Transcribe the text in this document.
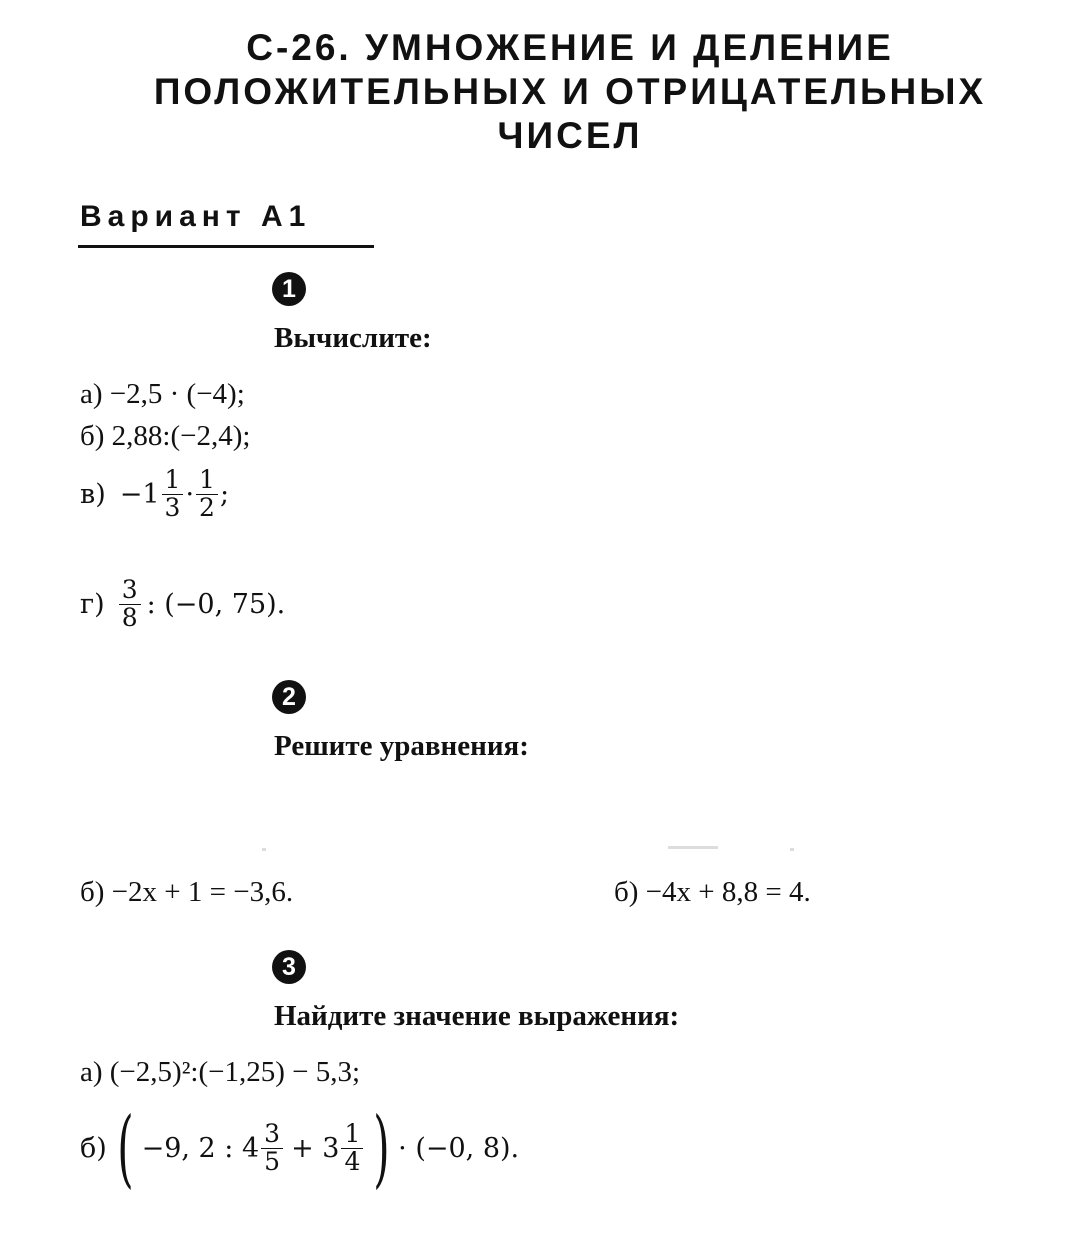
С-26. УМНОЖЕНИЕ И ДЕЛЕНИЕ
ПОЛОЖИТЕЛЬНЫХ И ОТРИЦАТЕЛЬНЫХ
ЧИСЕЛ
Вариант А1
1
Вычислите:
а) −2,5 · (−4);
б) 2,88:(−2,4);
$в) -1 \frac{1}{3} \cdot \frac{1}{2}$ ;
$г) \frac{3}{8}$ : (−0, 75).
2
Решите уравнения:
б) −2x + 1 = −3,6.	б) −4x + 8,8 = 4.
3
Найдите значение выражения:
а) (−2,5)²:(−1,25) − 5,3;
б) ( −9, 2 : $4 \frac{3}{5} + 3 \frac{1}{4}$ ) · (−0, 8).
